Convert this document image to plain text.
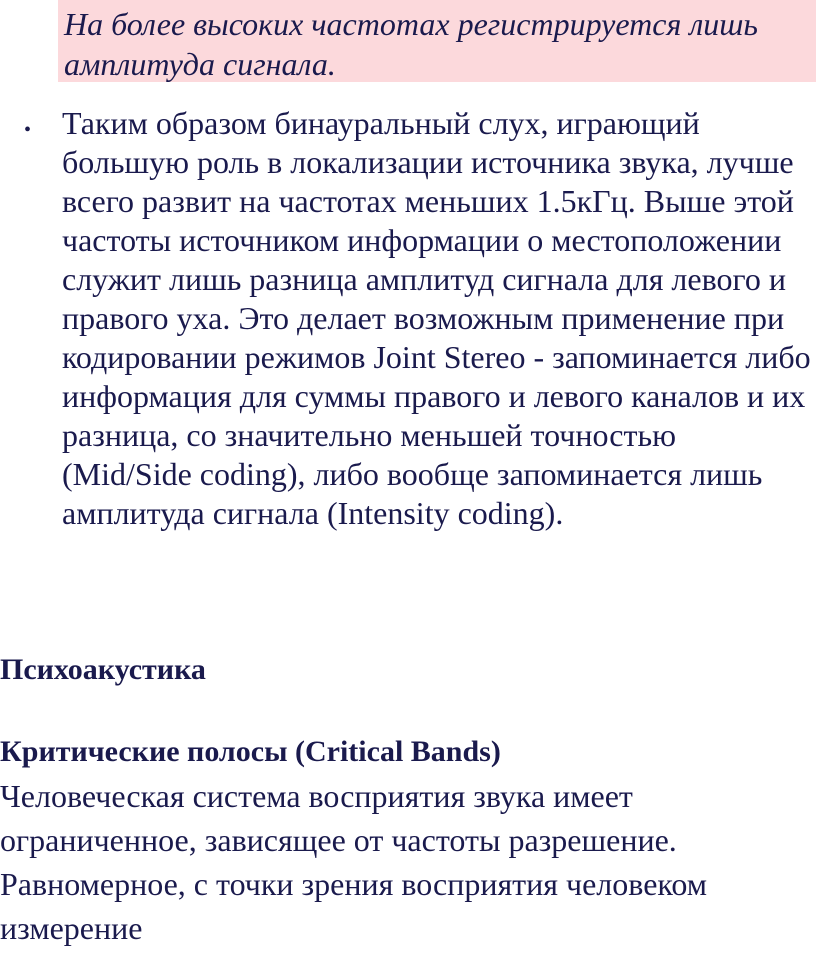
На более высоких частотах регистрируется лишь амплитуда сигнала.

• Таким образом бинауральный слух, играющий большую роль в локализации источника звука, лучше всего развит на частотах меньших 1.5кГц. Выше этой частоты источником информации о местоположении служит лишь разница амплитуд сигнала для левого и правого уха. Это делает возможным применение при кодировании режимов Joint Stereo - запоминается либо информация для суммы правого и левого каналов и их разница, со значительно меньшей точностью (Mid/Side coding), либо вообще запоминается лишь амплитуда сигнала (Intensity coding).

Психоакустика
Критические полосы (Critical Bands)

Человеческая система восприятия звука имеет ограниченное, зависящее от частоты разрешение. Равномерное, с точки зрения восприятия человеком измерение
